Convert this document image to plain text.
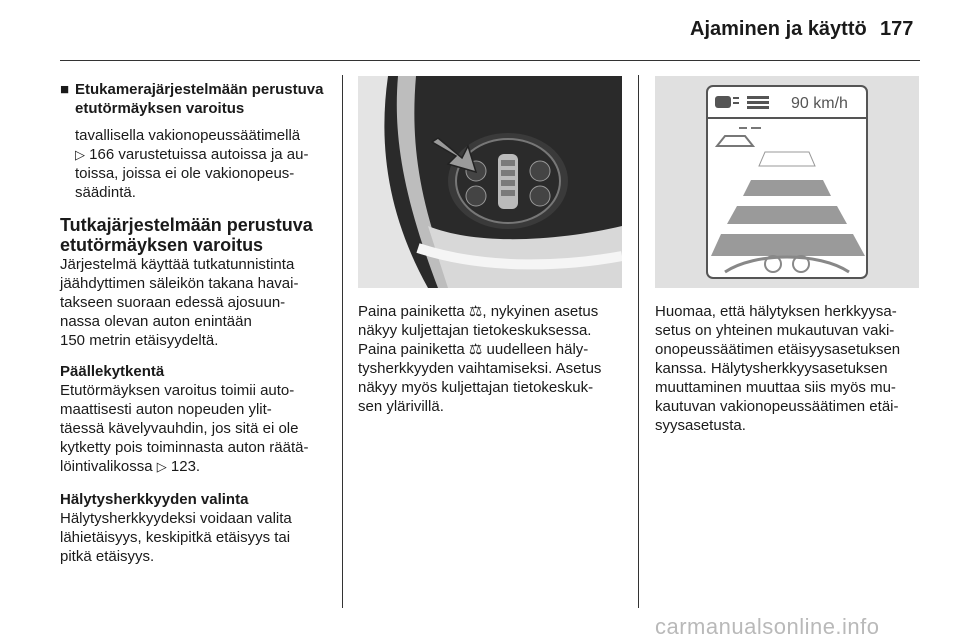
Ajaminen ja käyttö 177
■ Etukamerajärjestelmään perustuva
etutörmäyksen varoitus

tavallisella vakionopeussäätimellä
▷ 166 varustetuissa autoissa ja au-
toissa, joissa ei ole vakionopeus-
säädintä.

Tutkajärjestelmään perustuva
etutörmäyksen varoitus

Järjestelmä käyttää tutkatunnistinta
jäähdyttimen säleikön takana havai-
takseen suoraan edessä ajosuun-
nassa olevan auton enintään
150 metrin etäisyydeltä.

Päällekytkentä

Etutörmäyksen varoitus toimii auto-
maattisesti auton nopeuden ylit-
täessä kävelyvauhdin, jos sitä ei ole
kytketty pois toiminnasta auton räätä-
löintivalikossa ▷ 123.

Hälytysherkkyyden valinta

Hälytysherkkyydeksi voidaan valita
lähietäisyys, keskipitkä etäisyys tai
pitkä etäisyys.

90 km/h
Paina painiketta ⚖, nykyinen asetus
näkyy kuljettajan tietokeskuksessa.
Paina painiketta ⚖ uudelleen häly-
tysherkkyyden vaihtamiseksi. Asetus
näkyy myös kuljettajan tietokeskuk-
sen ylärivillä.
Huomaa, että hälytyksen herkkyysa-
setus on yhteinen mukautuvan vaki-
onopeussäätimen etäisyysasetuksen
kanssa. Hälytysherkkyysasetuksen
muuttaminen muuttaa siis myös mu-
kautuvan vakionopeussäätimen etäi-
syysasetusta.
carmanualsonline.info
